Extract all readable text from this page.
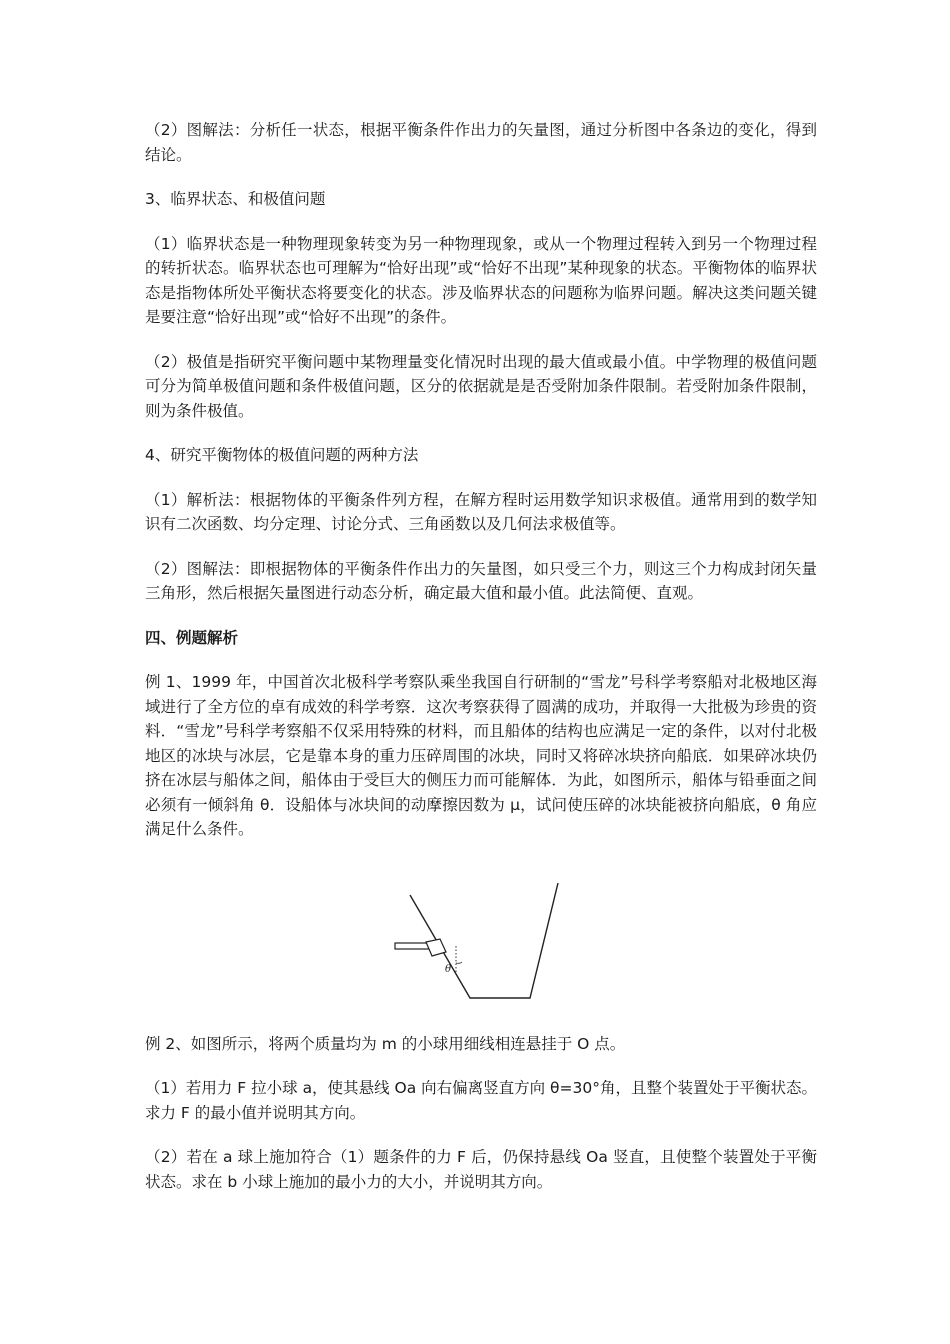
（2）图解法：分析任一状态，根据平衡条件作出力的矢量图，通过分析图中各条边的变化，得到结论。

3、临界状态、和极值问题

（1）临界状态是一种物理现象转变为另一种物理现象，或从一个物理过程转入到另一个物理过程的转折状态。临界状态也可理解为“恰好出现”或“恰好不出现”某种现象的状态。平衡物体的临界状态是指物体所处平衡状态将要变化的状态。涉及临界状态的问题称为临界问题。解决这类问题关键是要注意“恰好出现”或“恰好不出现”的条件。

（2）极值是指研究平衡问题中某物理量变化情况时出现的最大值或最小值。中学物理的极值问题可分为简单极值问题和条件极值问题，区分的依据就是是否受附加条件限制。若受附加条件限制，则为条件极值。

4、研究平衡物体的极值问题的两种方法

（1）解析法：根据物体的平衡条件列方程，在解方程时运用数学知识求极值。通常用到的数学知识有二次函数、均分定理、讨论分式、三角函数以及几何法求极值等。

（2）图解法：即根据物体的平衡条件作出力的矢量图，如只受三个力，则这三个力构成封闭矢量三角形，然后根据矢量图进行动态分析，确定最大值和最小值。此法简便、直观。

四、例题解析

例 1、1999 年，中国首次北极科学考察队乘坐我国自行研制的“雪龙”号科学考察船对北极地区海域进行了全方位的卓有成效的科学考察．这次考察获得了圆满的成功，并取得一大批极为珍贵的资料．“雪龙”号科学考察船不仅采用特殊的材料，而且船体的结构也应满足一定的条件，以对付北极地区的冰块与冰层，它是靠本身的重力压碎周围的冰块，同时又将碎冰块挤向船底．如果碎冰块仍挤在冰层与船体之间，船体由于受巨大的侧压力而可能解体．为此，如图所示，船体与铅垂面之间必须有一倾斜角 θ．设船体与冰块间的动摩擦因数为 μ，试问使压碎的冰块能被挤向船底，θ 角应满足什么条件。

θ

例 2、如图所示，将两个质量均为 m 的小球用细线相连悬挂于 O 点。

（1）若用力 F 拉小球 a，使其悬线 Oa 向右偏离竖直方向 θ=30°角，且整个装置处于平衡状态。求力 F 的最小值并说明其方向。

（2）若在 a 球上施加符合（1）题条件的力 F 后，仍保持悬线 Oa 竖直，且使整个装置处于平衡状态。求在 b 小球上施加的最小力的大小，并说明其方向。
